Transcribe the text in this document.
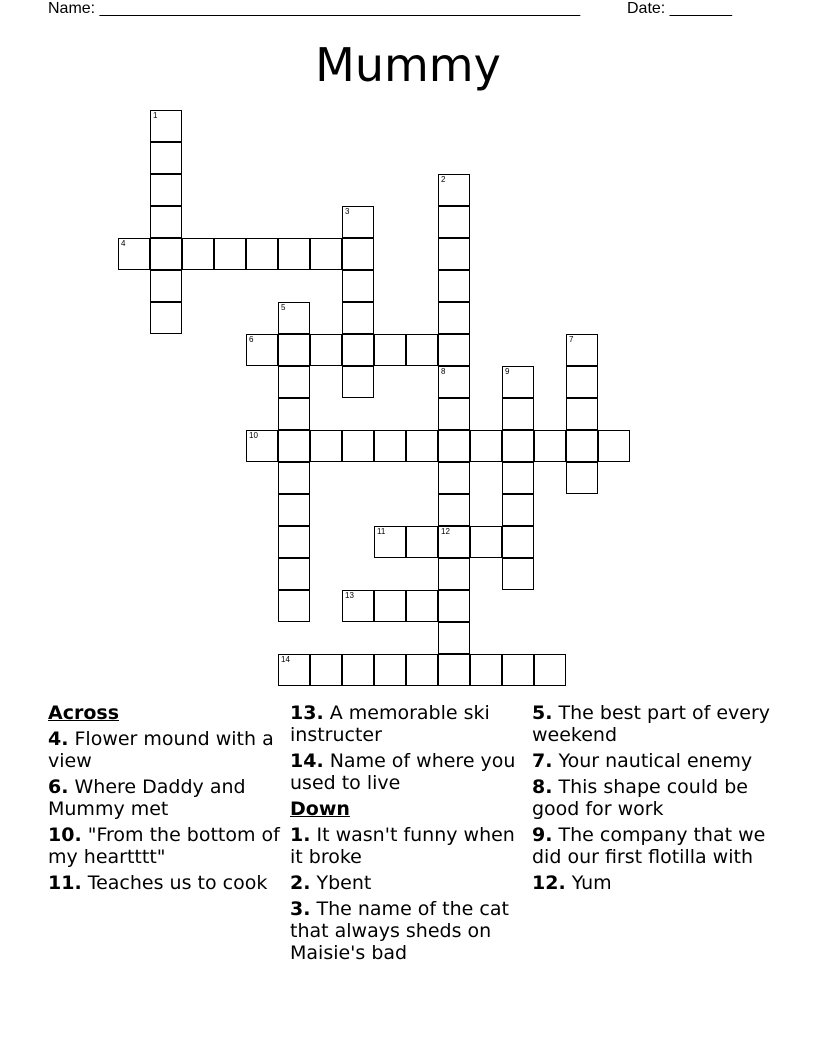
Name: ______________________________________________________	Date: _______
Mummy
1
2
3
4
5
6
8	9
7
11	12
13
10
14
Across
4. Flower mound with a view
6. Where Daddy and Mummy met
10. "From the bottom of my heartttt"
11. Teaches us to cook
13. A memorable ski instructer
14. Name of where you used to live
Down
1. It wasn't funny when it broke
2. Ybent
3. The name of the cat that always sheds on Maisie's bad
5. The best part of every weekend
7. Your nautical enemy
8. This shape could be good for work
9. The company that we did our first flotilla with
12. Yum
